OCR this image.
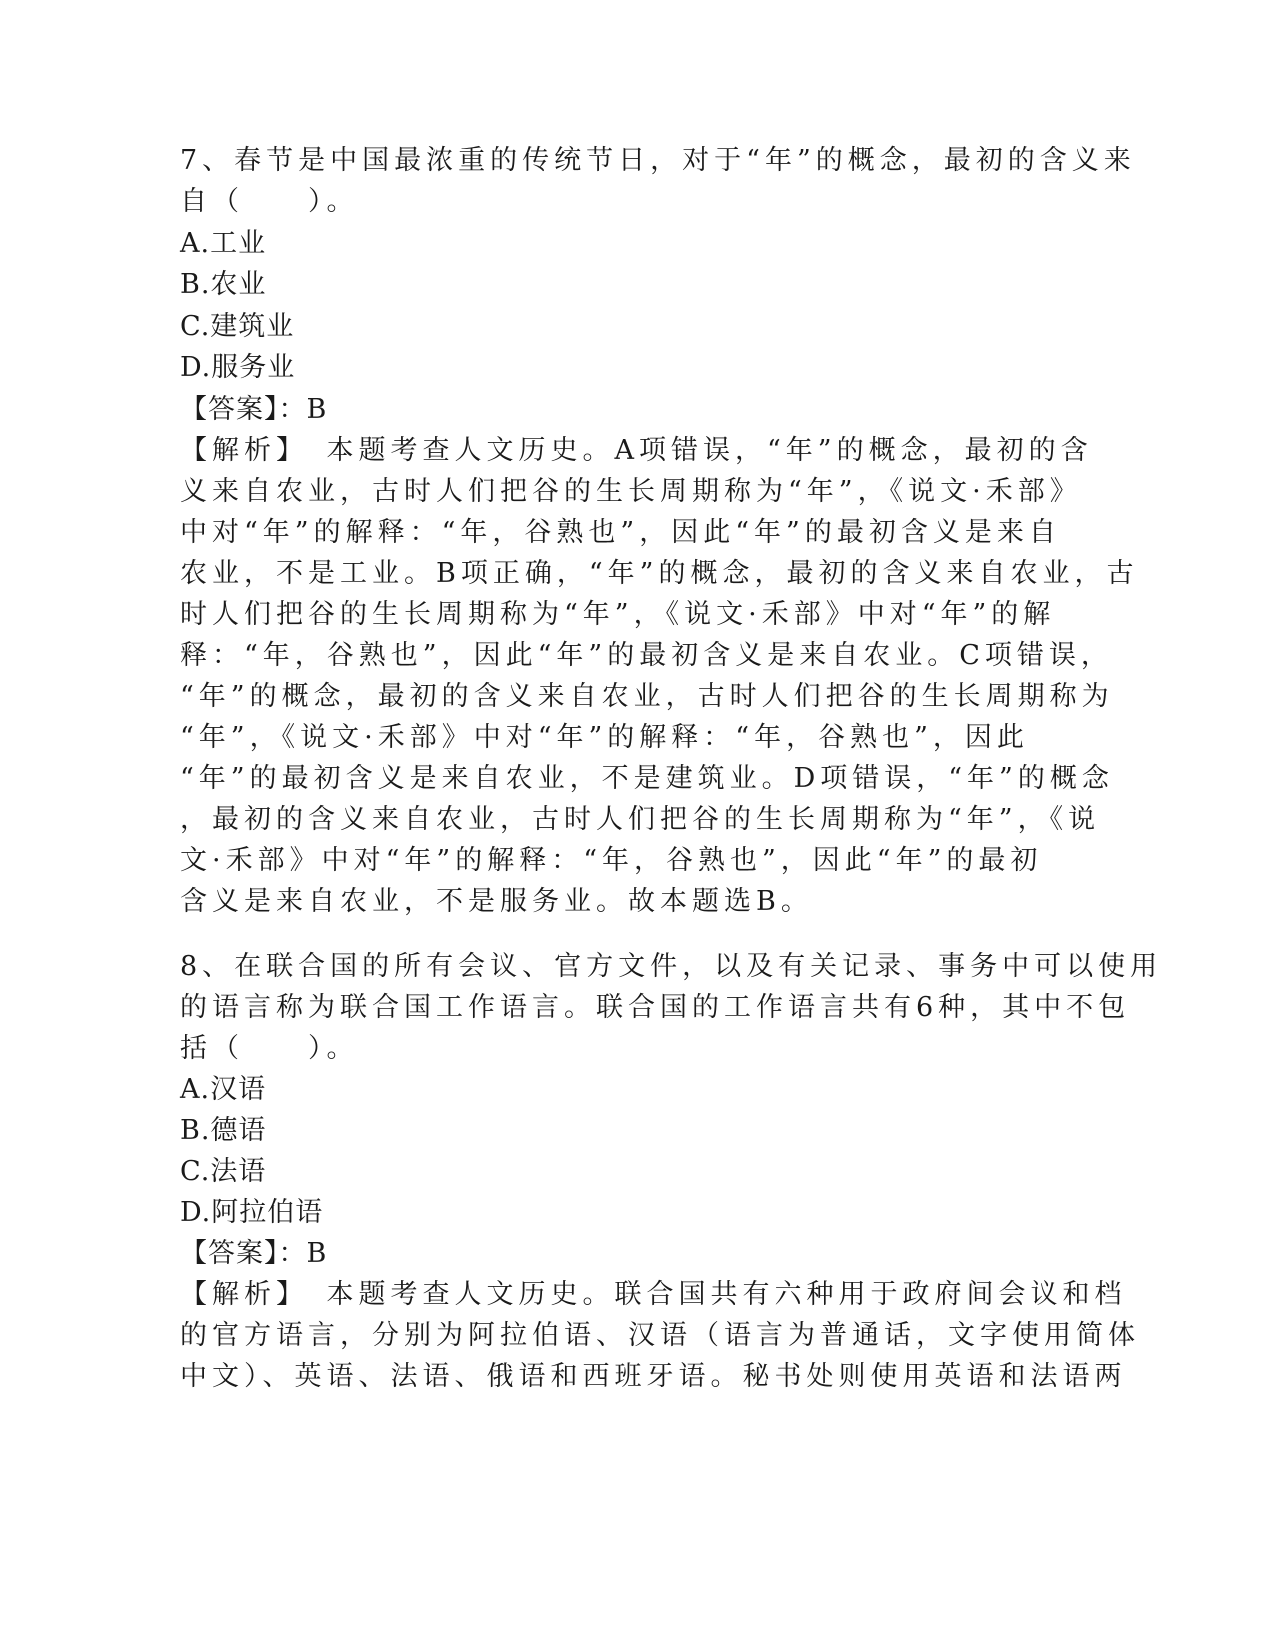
7、春节是中国最浓重的传统节日，对于“年”的概念，最初的含义来
自（　　）。
A.工业
B.农业
C.建筑业
D.服务业
【答案】：B
【解析】　本题考查人文历史。A项错误，“年”的概念，最初的含
义来自农业，古时人们把谷的生长周期称为“年”，《说文·禾部》
中对“年”的解释：“年，谷熟也”，因此“年”的最初含义是来自
农业，不是工业。B项正确，“年”的概念，最初的含义来自农业，古
时人们把谷的生长周期称为“年”，《说文·禾部》中对“年”的解
释：“年，谷熟也”，因此“年”的最初含义是来自农业。C项错误，
“年”的概念，最初的含义来自农业，古时人们把谷的生长周期称为
“年”，《说文·禾部》中对“年”的解释：“年，谷熟也”，因此
“年”的最初含义是来自农业，不是建筑业。D项错误，“年”的概念
，最初的含义来自农业，古时人们把谷的生长周期称为“年”，《说
文·禾部》中对“年”的解释：“年，谷熟也”，因此“年”的最初
含义是来自农业，不是服务业。故本题选B。
8、在联合国的所有会议、官方文件，以及有关记录、事务中可以使用
的语言称为联合国工作语言。联合国的工作语言共有6种，其中不包
括（　　）。
A.汉语
B.德语
C.法语
D.阿拉伯语
【答案】：B
【解析】　本题考查人文历史。联合国共有六种用于政府间会议和档
的官方语言，分别为阿拉伯语、汉语（语言为普通话，文字使用简体
中文）、英语、法语、俄语和西班牙语。秘书处则使用英语和法语两
